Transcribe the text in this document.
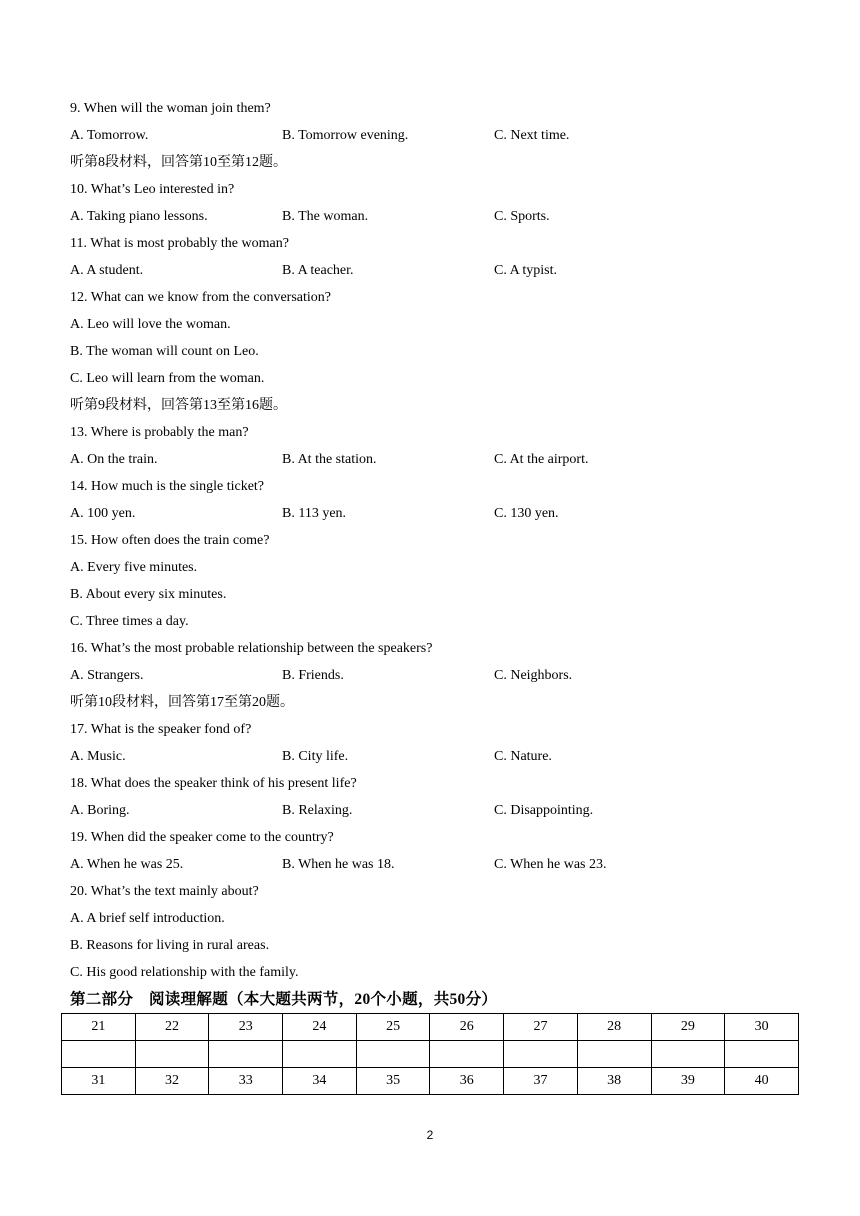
9. When will the woman join them?
A. Tomorrow.	B. Tomorrow evening.	C. Next time.
听第8段材料，回答第10至第12题。
10. What’s Leo interested in?
A. Taking piano lessons.	B. The woman.	C. Sports.
11. What is most probably the woman?
A. A student.	B. A teacher.	C. A typist.
12. What can we know from the conversation?
A. Leo will love the woman.
B. The woman will count on Leo.
C. Leo will learn from the woman.
听第9段材料，回答第13至第16题。
13. Where is probably the man?
A. On the train.	B. At the station.	C. At the airport.
14. How much is the single ticket?
A. 100 yen.	B. 113 yen.	C. 130 yen.
15. How often does the train come?
A. Every five minutes.
B. About every six minutes.
C. Three times a day.
16. What’s the most probable relationship between the speakers?
A. Strangers.	B. Friends.	C. Neighbors.
听第10段材料，回答第17至第20题。
17. What is the speaker fond of?
A. Music.	B. City life.	C. Nature.
18. What does the speaker think of his present life?
A. Boring.	B. Relaxing.	C. Disappointing.
19. When did the speaker come to the country?
A. When he was 25.	B. When he was 18.	C. When he was 23.
20. What’s the text mainly about?
A. A brief self introduction.
B. Reasons for living in rural areas.
C. His good relationship with the family.
第二部分　阅读理解题（本大题共两节，20个小题，共50分）
21	22	23	24	25	26	27	28	29	30

31	32	33	34	35	36	37	38	39	40
2
